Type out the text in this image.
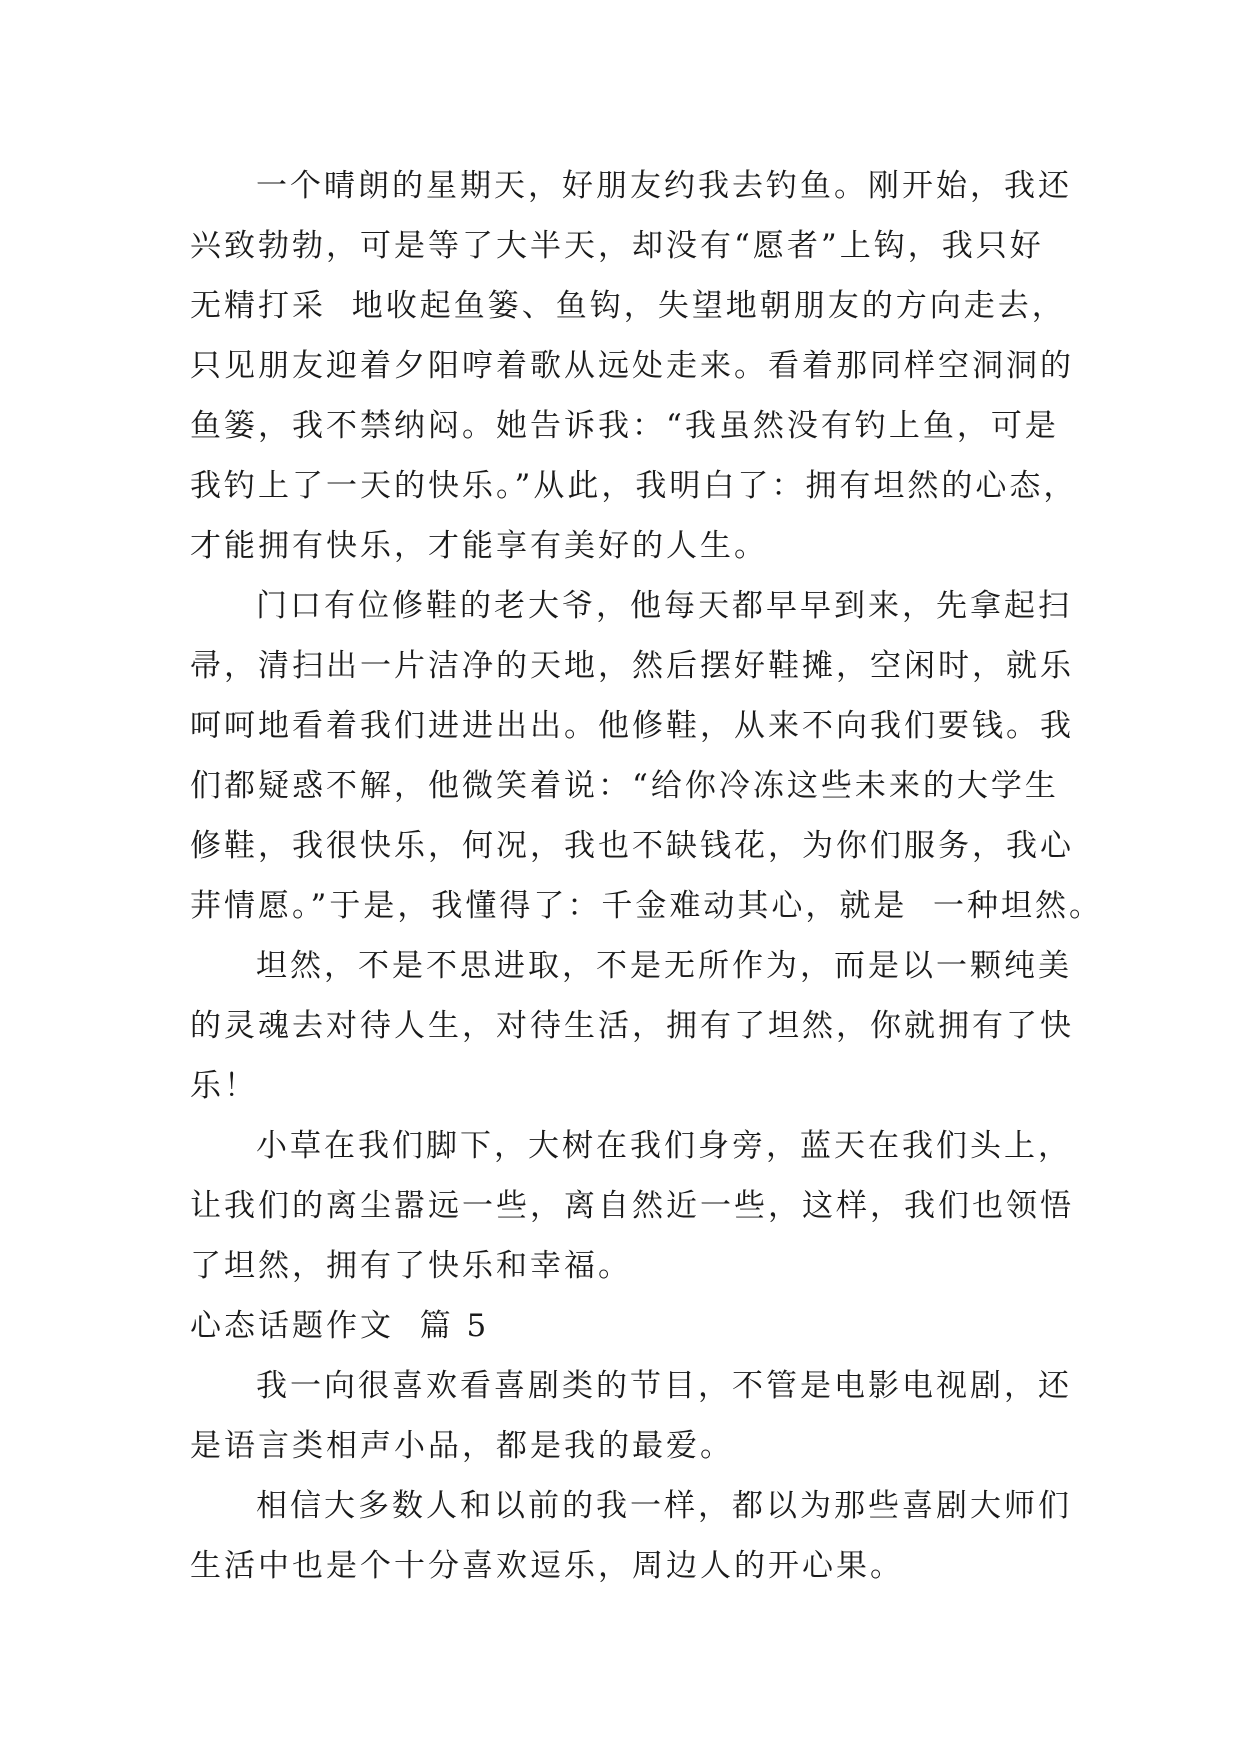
一个晴朗的星期天，好朋友约我去钓鱼。刚开始，我还
兴致勃勃，可是等了大半天，却没有“愿者”上钩，我只好
无精打采  地收起鱼篓、鱼钩，失望地朝朋友的方向走去，
只见朋友迎着夕阳哼着歌从远处走来。看着那同样空洞洞的
鱼篓，我不禁纳闷。她告诉我：“我虽然没有钓上鱼，可是
我钓上了一天的快乐。”从此，我明白了：拥有坦然的心态，
才能拥有快乐，才能享有美好的人生。
门口有位修鞋的老大爷，他每天都早早到来，先拿起扫
帚，清扫出一片洁净的天地，然后摆好鞋摊，空闲时，就乐
呵呵地看着我们进进出出。他修鞋，从来不向我们要钱。我
们都疑惑不解，他微笑着说：“给你冷冻这些未来的大学生
修鞋，我很快乐，何况，我也不缺钱花，为你们服务，我心
茾情愿。”于是，我懂得了：千金难动其心，就是  一种坦然。
坦然，不是不思进取，不是无所作为，而是以一颗纯美
的灵魂去对待人生，对待生活，拥有了坦然，你就拥有了快
乐！
小草在我们脚下，大树在我们身旁，蓝天在我们头上，
让我们的离尘嚣远一些，离自然近一些，这样，我们也领悟
了坦然，拥有了快乐和幸福。
心态话题作文  篇 5
我一向很喜欢看喜剧类的节目，不管是电影电视剧，还
是语言类相声小品，都是我的最爱。
相信大多数人和以前的我一样，都以为那些喜剧大师们
生活中也是个十分喜欢逗乐，周边人的开心果。
